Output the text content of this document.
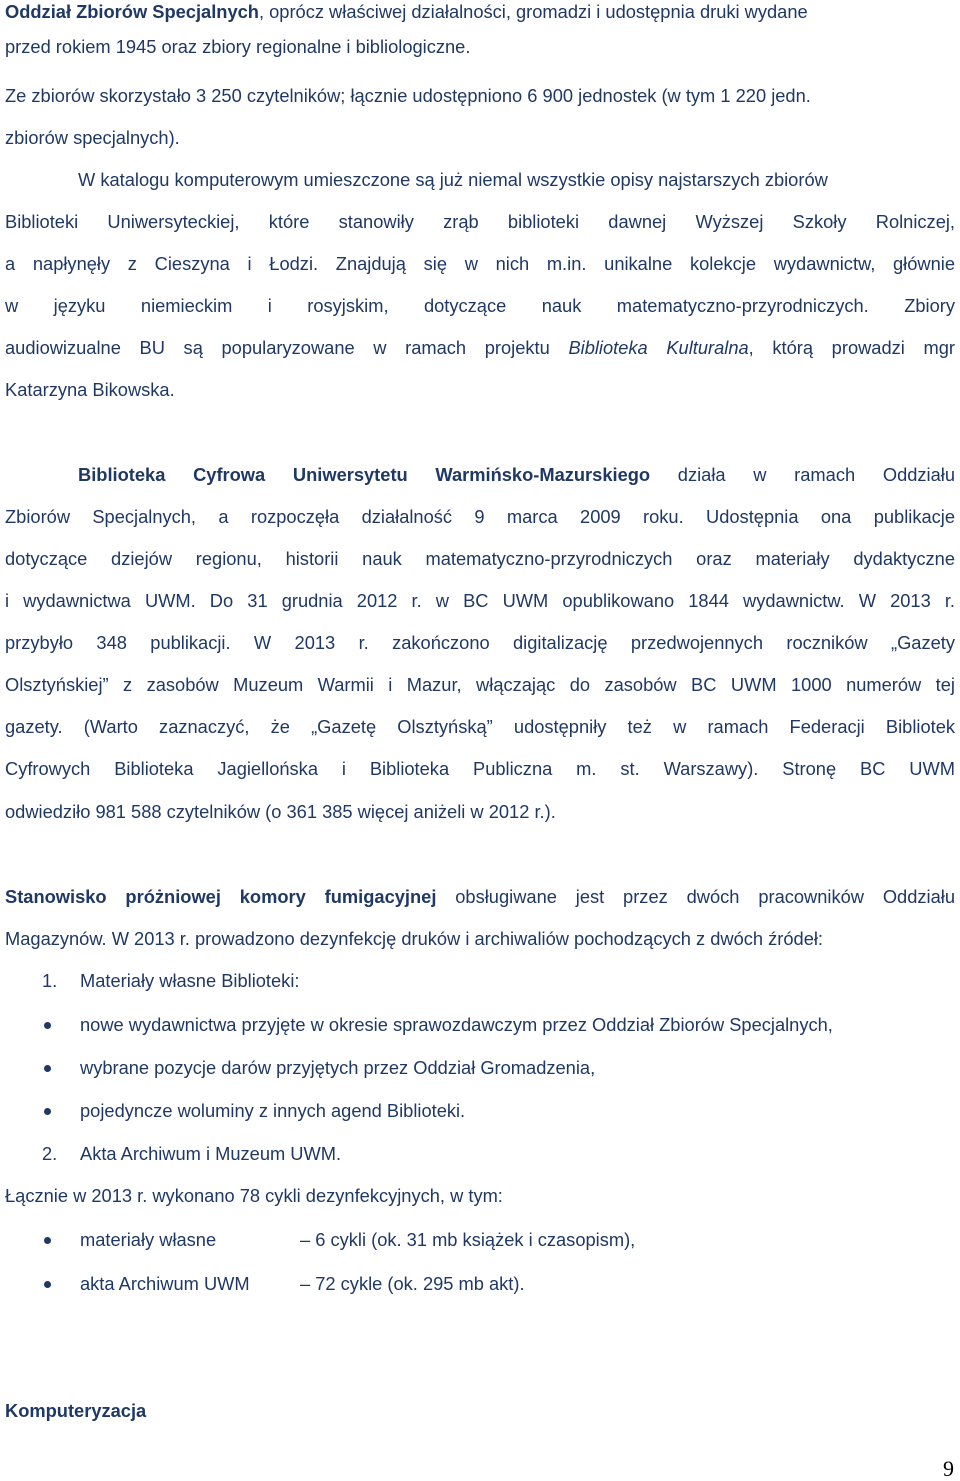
Oddział Zbiorów Specjalnych, oprócz właściwej działalności, gromadzi i udostępnia druki wydane
przed rokiem 1945 oraz zbiory regionalne i bibliologiczne.
Ze zbiorów skorzystało 3 250 czytelników; łącznie udostępniono 6 900 jednostek (w tym 1 220 jedn.
zbiorów specjalnych).
W katalogu komputerowym umieszczone są już niemal wszystkie opisy najstarszych zbiorów
Biblioteki Uniwersyteckiej, które stanowiły zrąb biblioteki dawnej Wyższej Szkoły Rolniczej,
a napłynęły z Cieszyna i Łodzi. Znajdują się w nich m.in. unikalne kolekcje wydawnictw, głównie
w języku niemieckim i rosyjskim, dotyczące nauk matematyczno-przyrodniczych. Zbiory
audiowizualne BU są popularyzowane w ramach projektu Biblioteka Kulturalna, którą prowadzi mgr
Katarzyna Bikowska.
Biblioteka Cyfrowa Uniwersytetu Warmińsko-Mazurskiego działa w ramach Oddziału
Zbiorów Specjalnych, a rozpoczęła działalność 9 marca 2009 roku. Udostępnia ona publikacje
dotyczące dziejów regionu, historii nauk matematyczno-przyrodniczych oraz materiały dydaktyczne
i wydawnictwa UWM. Do 31 grudnia 2012 r. w BC UWM opublikowano 1844 wydawnictw. W 2013 r.
przybyło 348 publikacji. W 2013 r. zakończono digitalizację przedwojennych roczników „Gazety
Olsztyńskiej” z zasobów Muzeum Warmii i Mazur, włączając do zasobów BC UWM 1000 numerów tej
gazety. (Warto zaznaczyć, że „Gazetę Olsztyńską” udostępniły też w ramach Federacji Bibliotek
Cyfrowych Biblioteka Jagiellońska i Biblioteka Publiczna m. st. Warszawy). Stronę BC UWM
odwiedziło 981 588 czytelników (o 361 385 więcej aniżeli w 2012 r.).
Stanowisko próżniowej komory fumigacyjnej obsługiwane jest przez dwóch pracowników Oddziału
Magazynów. W 2013 r. prowadzono dezynfekcję druków i archiwaliów pochodzących z dwóch źródeł:
1. Materiały własne Biblioteki:
nowe wydawnictwa przyjęte w okresie sprawozdawczym przez Oddział Zbiorów Specjalnych,
wybrane pozycje darów przyjętych przez Oddział Gromadzenia,
pojedyncze woluminy z innych agend Biblioteki.
2. Akta Archiwum i Muzeum UWM.
Łącznie w 2013 r. wykonano 78 cykli dezynfekcyjnych, w tym:
materiały własne	– 6 cykli (ok. 31 mb książek i czasopism),
akta Archiwum UWM	– 72 cykle (ok. 295 mb akt).
Komputeryzacja
9
